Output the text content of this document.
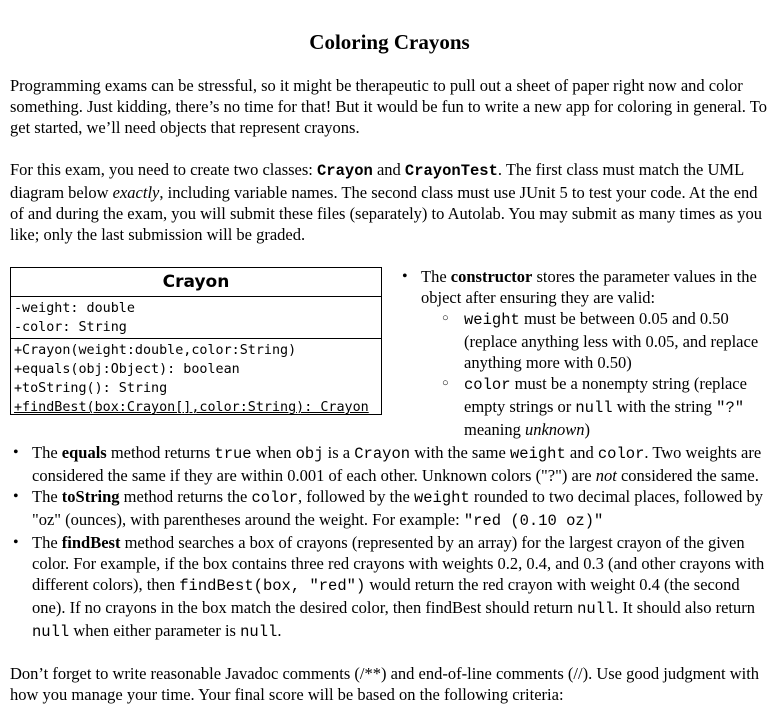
Coloring Crayons

Programming exams can be stressful, so it might be therapeutic to pull out a sheet of paper right now and color something. Just kidding, there’s no time for that! But it would be fun to write a new app for coloring in general. To get started, we’ll need objects that represent crayons.

For this exam, you need to create two classes: Crayon and CrayonTest. The first class must match the UML diagram below exactly, including variable names. The second class must use JUnit 5 to test your code. At the end of and during the exam, you will submit these files (separately) to Autolab. You may submit as many times as you like; only the last submission will be graded.

Crayon
-weight: double
-color: String
+Crayon(weight:double,color:String)
+equals(obj:Object): boolean
+toString(): String
+findBest(box:Crayon[],color:String): Crayon
• The constructor stores the parameter values in the object after ensuring they are valid:
○ weight must be between 0.05 and 0.50 (replace anything less with 0.05, and replace anything more with 0.50)
○ color must be a nonempty string (replace empty strings or null with the string "?" meaning unknown)
• The equals method returns true when obj is a Crayon with the same weight and color. Two weights are considered the same if they are within 0.001 of each other. Unknown colors ("?") are not considered the same.
• The toString method returns the color, followed by the weight rounded to two decimal places, followed by "oz" (ounces), with parentheses around the weight. For example: "red (0.10 oz)"
• The findBest method searches a box of crayons (represented by an array) for the largest crayon of the given color. For example, if the box contains three red crayons with weights 0.2, 0.4, and 0.3 (and other crayons with different colors), then findBest(box, "red") would return the red crayon with weight 0.4 (the second one). If no crayons in the box match the desired color, then findBest should return null. It should also return null when either parameter is null.

Don’t forget to write reasonable Javadoc comments (/**) and end-of-line comments (//). Use good judgment with how you manage your time. Your final score will be based on the following criteria:
